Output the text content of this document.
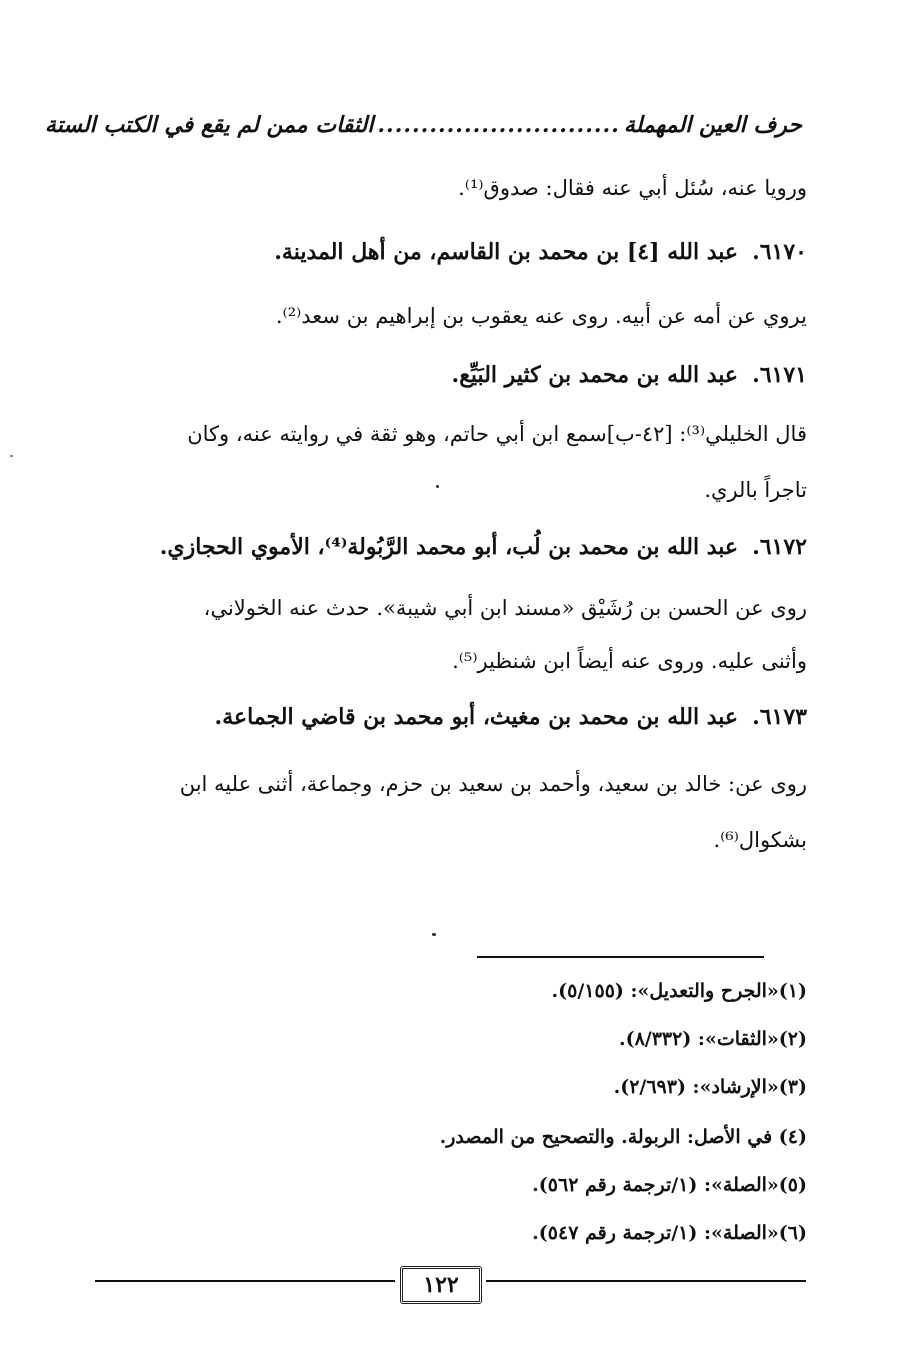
حرف العين المهملة
............................
الثقات ممن لم يقع في الكتب الستة
ورويا عنه، سُئل أبي عنه فقال: صدوق⁽¹⁾.
٦١٧٠.عبد الله [٤] بن محمد بن القاسم، من أهل المدينة.
يروي عن أمه عن أبيه. روى عنه يعقوب بن إبراهيم بن سعد⁽²⁾.
٦١٧١.عبد الله بن محمد بن كثير البَيِّع.
قال الخليلي⁽³⁾: [٤٢-ب]سمع ابن أبي حاتم، وهو ثقة في روايته عنه، وكان
تاجراً بالري.
٦١٧٢.عبد الله بن محمد بن لُب، أبو محمد الرَّبُولة⁽⁴⁾، الأموي الحجازي.
روى عن الحسن بن رُشَيْق «مسند ابن أبي شيبة». حدث عنه الخولاني،
وأثنى عليه. وروى عنه أيضاً ابن شنظير⁽⁵⁾.
٦١٧٣.عبد الله بن محمد بن مغيث، أبو محمد بن قاضي الجماعة.
روى عن: خالد بن سعيد، وأحمد بن سعيد بن حزم، وجماعة، أثنى عليه ابن
بشكوال⁽⁶⁾.
(١)«الجرح والتعديل»: (٥/١٥٥).
(٢)«الثقات»: (٨/٣٣٢).
(٣)«الإرشاد»: (٢/٦٩٣).
(٤) في الأصل: الربولة. والتصحيح من المصدر.
(٥)«الصلة»: (١/ترجمة رقم ٥٦٢).
(٦)«الصلة»: (١/ترجمة رقم ٥٤٧).
١٢٢
